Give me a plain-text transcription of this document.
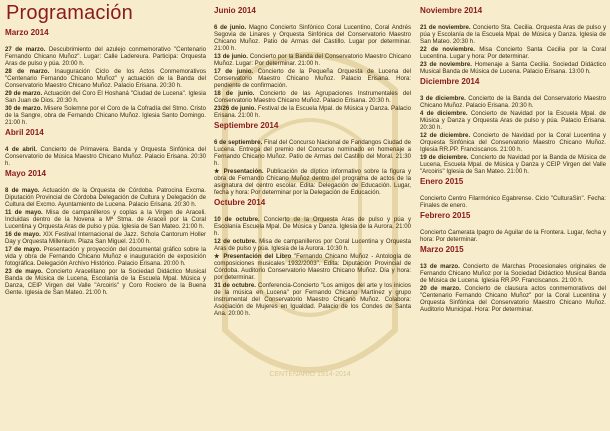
CENTENARIO 1914-2014
Programación
Marzo 2014
27 de marzo. Descubrimiento del azulejo conmemorativo "Centenario Fernando Chicano Muñoz". Lugar: Calle Ladereura. Participa: Orquesta Aras de pulso y púa. 20:00 h.
28 de marzo. Inauguración Ciclo de los Actos Conmemorativos "Centenario Fernando Chicano Muñoz" y actuación de la Banda del Conservatorio Maestro Chicano Muñoz. Palacio Erisana. 20:30 h.
29 de marzo. Actuación del Coro El Hoshaná "Ciudad de Lucena". Iglesia San Juan de Dios. 20:30 h.
30 de marzo. Misere Solemne por el Coro de la Cofradía del Stmo. Cristo de la Sangre, obra de Fernando Chicano Muñoz. Iglesia Santo Domingo. 21:00 h.
Abril 2014
4 de abril. Concierto de Primavera. Banda y Orquesta Sinfónica del Conservatorio de Música Maestro Chicano Muñoz. Palacio Erisana. 20:30 h.
Mayo 2014
8 de mayo. Actuación de la Orquesta de Córdoba. Patrocina Excma. Diputación Provincial de Córdoba Delegación de Cultura y Delegación de Cultura del Excmo. Ayuntamiento de Lucena. Palacio Erisana. 20:30 h.
11 de mayo. Misa de campanilleros y coplas a la Virgen de Araceli. Incluidas dentro de la Novena a Mª Stma. de Araceli por la Coral Lucentina y Orquesta Aras de pulso y púa. Iglesia de San Mateo. 21:00 h.
16 de mayo. XIX Festival Internacional de Jazz. Schola Cantorum Holler Day y Orquesta Millenium. Plaza San Miguel. 21:00 h.
17 de mayo. Presentación y proyección del documental gráfico sobre la vida y obra de Fernando Chicano Muñoz e inauguración de exposición fotográfica. Delegación Archivo Histórico. Palacio Erisana. 20:00 h.
23 de mayo. Concierto Aracelitano por la Sociedad Didáctico Musical Banda de Música de Lucena, Escolanía de la Escuela Mpal. Música y Danza, CEIP Virgen del Valle "Arcoiris" y Coro Rociero de la Buena Gente. Iglesia de San Mateo. 21:00 h.
Junio 2014
6 de junio. Magno Concierto Sinfónico Coral Lucentino, Coral Andrés Segovia de Linares y Orquesta Sinfónica del Conservatorio Maestro Chicano Muñoz. Patio de Armas del Castillo. Lugar por determinar. 21:00 h.
13 de junio. Concierto por la Banda del Conservatorio Maestro Chicano Muñoz. Lugar: Por determinar. 21:00 h.
17 de junio. Concierto de la Pequeña Orquesta de Lucena del Conservatorio Maestro Chicano Muñoz. Palacio Erisana. Hora: pendiente de confirmación.
18 de junio. Concierto de las Agrupaciones Instrumentales del Conservatorio Maestro Chicano Muñoz. Palacio Erisana. 20:30 h.
23/26 de junio. Festival de la Escuela Mpal. de Música y Danza. Palacio Erisana. 21:00 h.
Septiembre 2014
6 de septiembre. Final del Concurso Nacional de Fandangos Ciudad de Lucena. Entrega del premio del Concurso nominado en homenaje a Fernando Chicano Muñoz. Patio de Armas del Castillo del Moral. 21:30 h.
★ Presentación. Publicación de díptico informativo sobre la figura y obra de Fernando Chicano Muñoz dentro del programa de actos de la asignatura del centro escolar. Edita: Delegación de Educación. Lugar, fecha y hora: Por determinar por la Delegación de Educación.
Octubre 2014
10 de octubre. Concierto de la Orquesta Aras de pulso y púa y Escolanía Escuela Mpal. De Música y Danza. Iglesia de la Aurora. 21:00 h.
12 de octubre. Misa de campanilleros por Coral Lucentina y Orquesta Aras de pulso y púa. Iglesia de la Aurora. 10:30 h.
★ Presentación del Libro "Fernando Chicano Muñoz - Antología de composiciones musicales 1932/2003". Edita: Diputación Provincial de Córdoba. Auditorio Conservatorio Maestro Chicano Muñoz. Día y hora: por determinar.
31 de octubre. Conferencia-Concierto "Los amigos del arte y los inicios de la música en Lucena" por Fernando Chicano Martínez y grupo instrumental del Conservatorio Maestro Chicano Muñoz. Colabora: Asociación de Mujeres en Igualdad. Palacio de los Condes de Santa Ana. 20:00 h.
Noviembre 2014
21 de noviembre. Concierto Sta. Cecilia. Orquesta Aras de pulso y púa y Escolanía de la Escuela Mpal. de Música y Danza. Iglesia de San Mateo. 20:30 h.
22 de noviembre. Misa Concierto Santa Cecilia por la Coral Lucentina. Lugar y hora: Por determinar.
23 de noviembre. Homenaje a Santa Cecilia. Sociedad Didáctico Musical Banda de Música de Lucena. Palacio Erisana. 13:00 h.
Diciembre 2014
3 de diciembre. Concierto de la Banda del Conservatorio Maestro Chicano Muñoz. Palacio Erisana. 20:30 h.
4 de diciembre. Concierto de Navidad por la Escuela Mpal. de Música y Danza y Orquesta Aras de pulso y púa. Palacio Erisana. 20:30 h.
12 de diciembre. Concierto de Navidad por la Coral Lucentina y Orquesta Sinfónica del Conservatorio Maestro Chicano Muñoz. Iglesia RR.PP. Franciscanos. 21:00 h.
19 de diciembre. Concierto de Navidad por la Banda de Música de Lucena, Escuela Mpal. de Música y Danza y CEIP Virgen del Valle "Arcoiris" Iglesia de San Mateo. 21:00 h.
Enero 2015
Concierto Centro Filarmónico Egabrense. Ciclo "CulturaSin". Fecha: Finales de enero.
Febrero 2015
Concierto Camerata Ipagro de Aguilar de la Frontera. Lugar, fecha y hora: Por determinar.
Marzo 2015
13 de marzo. Concierto de Marchas Procesionales originales de Fernando Chicano Muñoz por la Sociedad Didáctico Musical Banda de Música de Lucena. Iglesia RR.PP. Franciscanos. 21:00 h.
20 de marzo. Concierto de clausura actos conmemorativos del "Centenario Fernando Chicano Muñoz" por la Coral Lucentina y Orquesta Sinfónica del Conservatorio Maestro Chicano Muñoz. Auditorio Municipal. Hora: Por determinar.
